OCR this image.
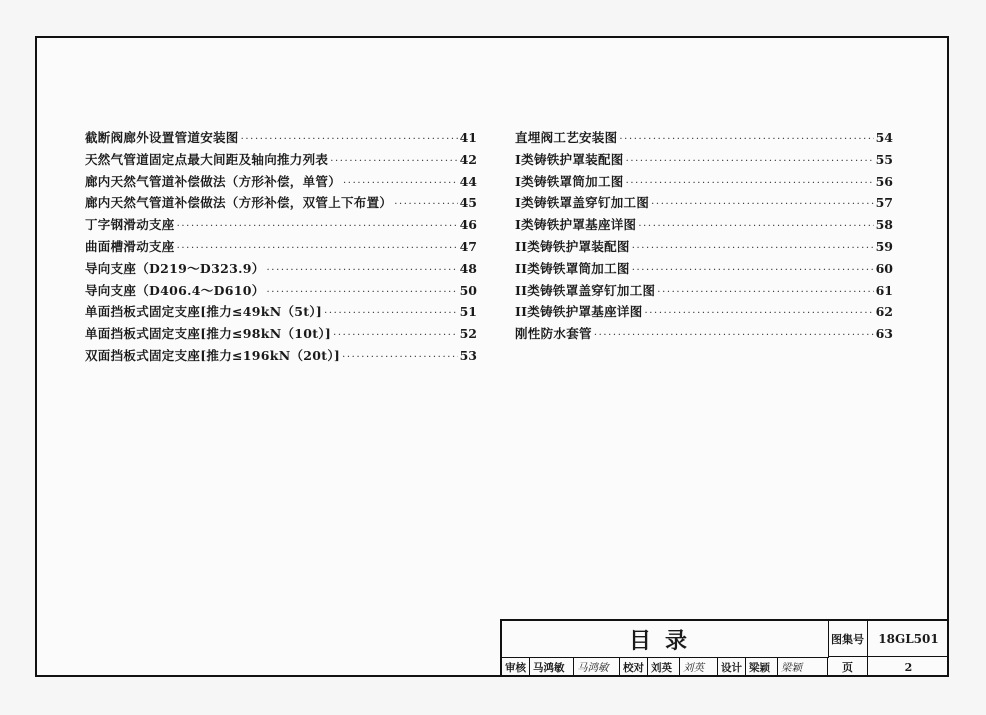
截断阀廊外设置管道安装图 ·····	41
天然气管道固定点最大间距及轴向推力列表 ·····	42
廊内天然气管道补偿做法（方形补偿，单管） ·····	44
廊内天然气管道补偿做法（方形补偿，双管上下布置） ·····	45
丁字钢滑动支座 ·····	46
曲面槽滑动支座 ·····	47
导向支座（D219～D323.9） ·····	48
导向支座（D406.4～D610） ·····	50
单面挡板式固定支座[推力≤49kN（5t）] ·····	51
单面挡板式固定支座[推力≤98kN（10t）] ·····	52
双面挡板式固定支座[推力≤196kN（20t）] ·····	53
直埋阀工艺安装图 ·····	54
I类铸铁护罩装配图 ·····	55
I类铸铁罩筒加工图 ·····	56
I类铸铁罩盖穿钉加工图 ·····	57
I类铸铁护罩基座详图 ·····	58
II类铸铁护罩装配图 ·····	59
II类铸铁罩筒加工图 ·····	60
II类铸铁罩盖穿钉加工图 ·····	61
II类铸铁护罩基座详图 ·····	62
刚性防水套管 ·····	63
目录	图集号	18GL501
页	2
审核 马鸿敏	马鸿敏	校对 刘英	刘英	设计 梁颖	梁颖
